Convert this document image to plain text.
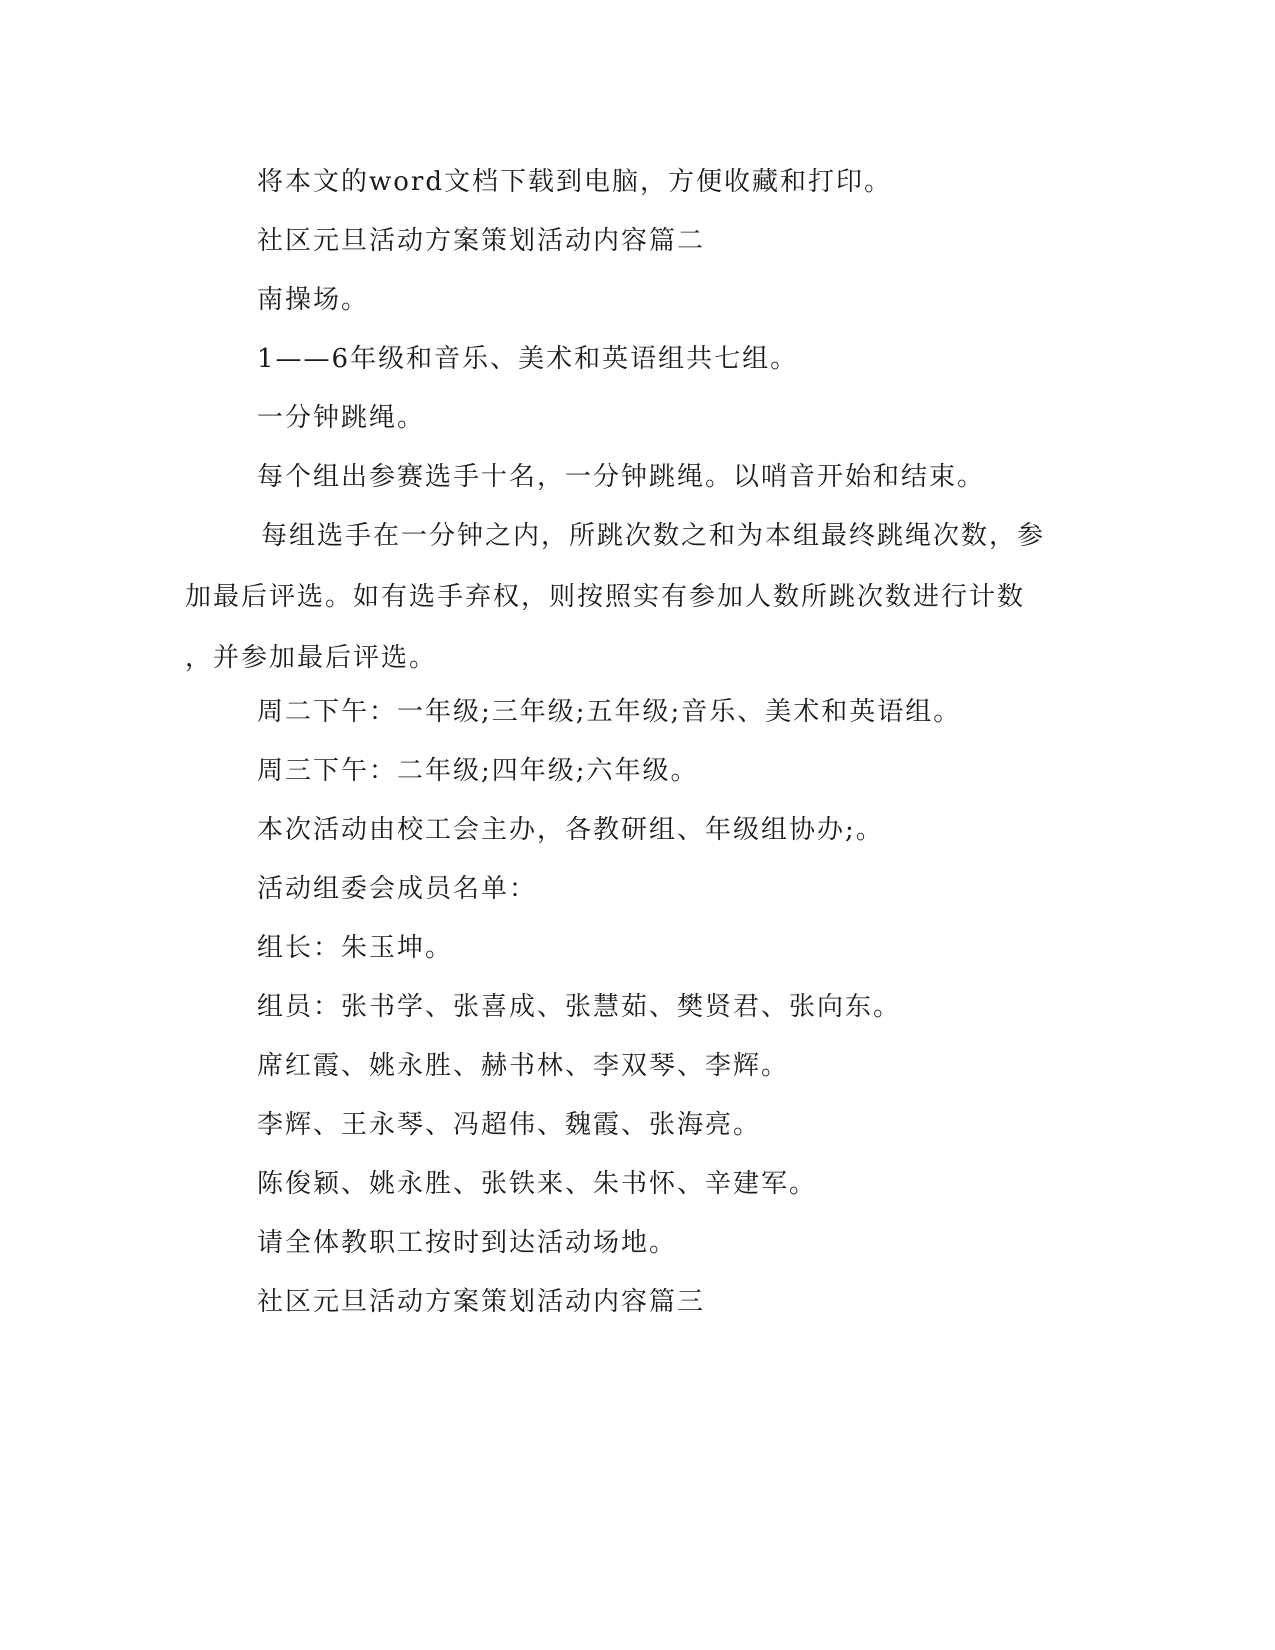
将本文的word文档下载到电脑，方便收藏和打印。

社区元旦活动方案策划活动内容篇二

南操场。

1——6年级和音乐、美术和英语组共七组。

一分钟跳绳。

每个组出参赛选手十名，一分钟跳绳。以哨音开始和结束。

每组选手在一分钟之内，所跳次数之和为本组最终跳绳次数，参
加最后评选。如有选手弃权，则按照实有参加人数所跳次数进行计数
，并参加最后评选。

周二下午：一年级;三年级;五年级;音乐、美术和英语组。

周三下午：二年级;四年级;六年级。

本次活动由校工会主办，各教研组、年级组协办;。

活动组委会成员名单：

组长：朱玉坤。

组员：张书学、张喜成、张慧茹、樊贤君、张向东。

席红霞、姚永胜、赫书林、李双琴、李辉。

李辉、王永琴、冯超伟、魏霞、张海亮。

陈俊颖、姚永胜、张铁来、朱书怀、辛建军。

请全体教职工按时到达活动场地。

社区元旦活动方案策划活动内容篇三
